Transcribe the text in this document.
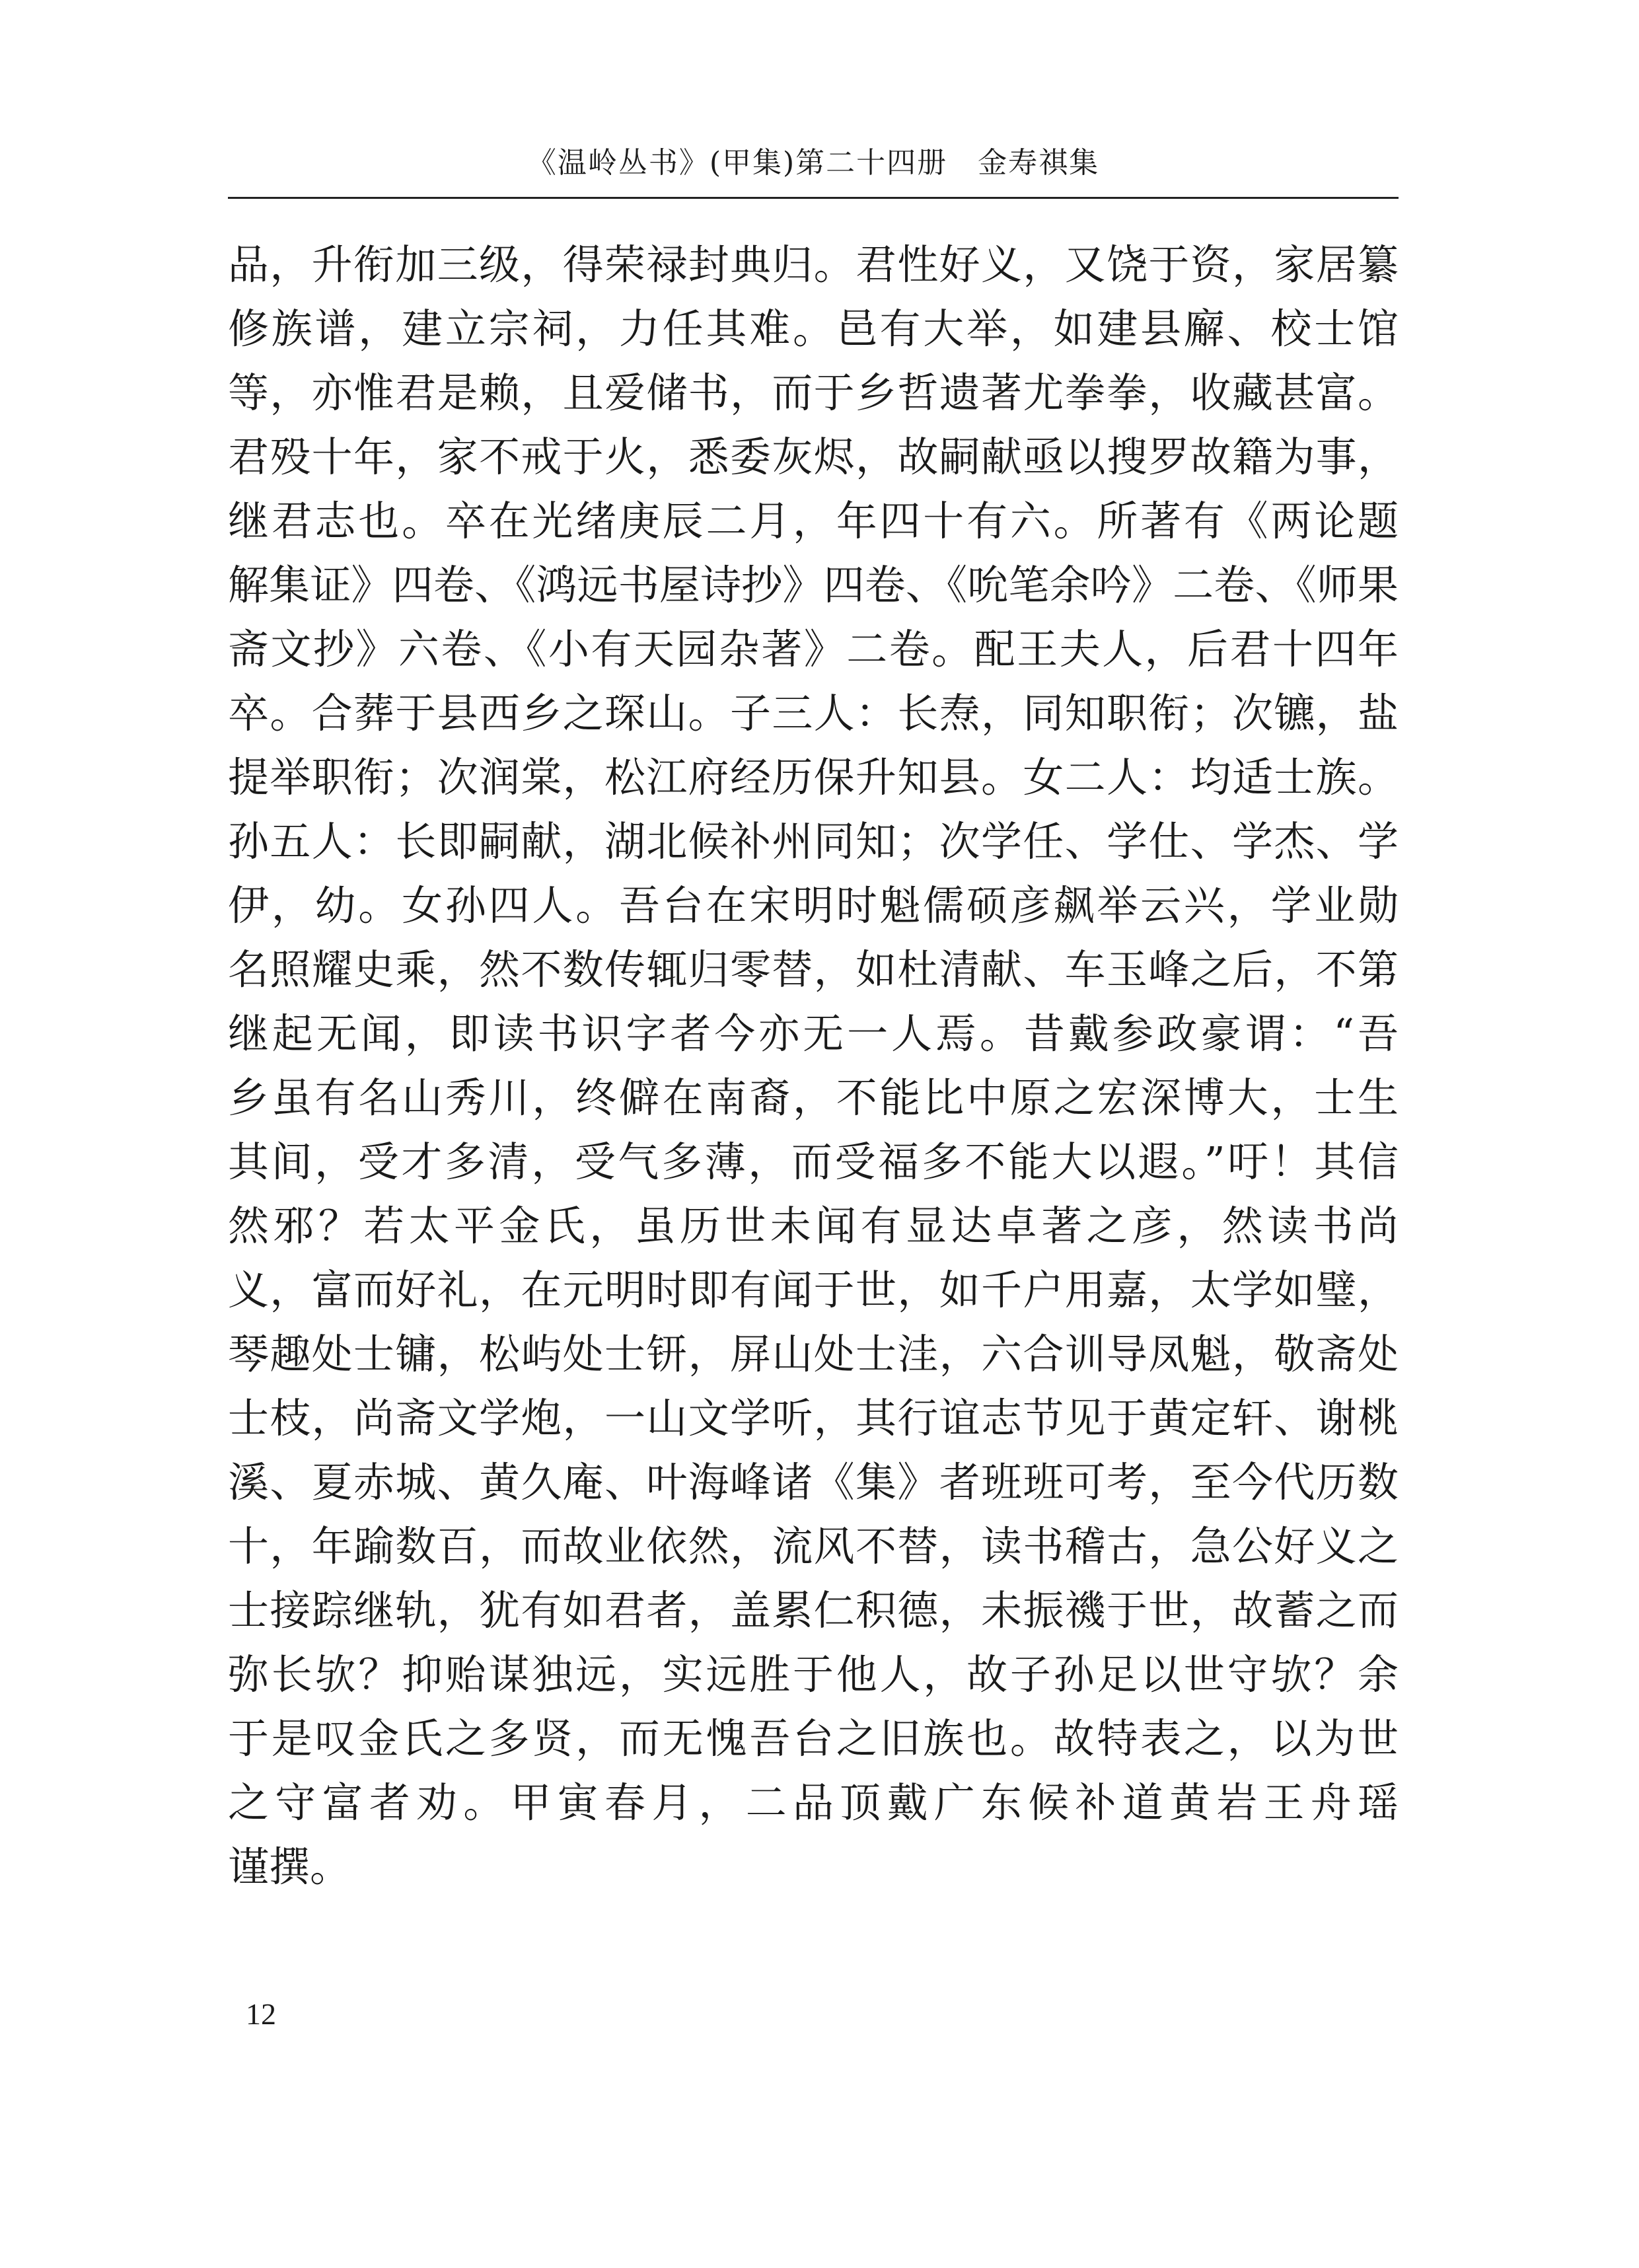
《温岭丛书》(甲集)第二十四册　金寿祺集
品，升衔加三级，得荣禄封典归。君性好义，又饶于资，家居纂
修族谱，建立宗祠，力任其难。邑有大举，如建县廨、校士馆
等，亦惟君是赖，且爱储书，而于乡哲遗著尤拳拳，收藏甚富。
君殁十年，家不戒于火，悉委灰烬，故嗣献亟以搜罗故籍为事，
继君志也。卒在光绪庚辰二月，年四十有六。所著有《两论题
解集证》四卷、《鸿远书屋诗抄》四卷、《吮笔余吟》二卷、《师果
斋文抄》六卷、《小有天园杂著》二卷。配王夫人，后君十四年
卒。合葬于县西乡之琛山。子三人：长焘，同知职衔；次镳，盐
提举职衔；次润棠，松江府经历保升知县。女二人：均适士族。
孙五人：长即嗣献，湖北候补州同知；次学任、学仕、学杰、学
伊，幼。女孙四人。吾台在宋明时魁儒硕彦飙举云兴，学业勋
名照耀史乘，然不数传辄归零替，如杜清献、车玉峰之后，不第
继起无闻，即读书识字者今亦无一人焉。昔戴参政豪谓：“吾
乡虽有名山秀川，终僻在南裔，不能比中原之宏深博大，士生
其间，受才多清，受气多薄，而受福多不能大以遐。”吁！其信
然邪？若太平金氏，虽历世未闻有显达卓著之彦，然读书尚
义，富而好礼，在元明时即有闻于世，如千户用嘉，太学如璧，
琴趣处士镛，松屿处士钘，屏山处士洼，六合训导凤魁，敬斋处
士枝，尚斋文学炮，一山文学听，其行谊志节见于黄定轩、谢桃
溪、夏赤城、黄久庵、叶海峰诸《集》者班班可考，至今代历数
十，年踰数百，而故业依然，流风不替，读书稽古，急公好义之
士接踪继轨，犹有如君者，盖累仁积德，未振禨于世，故蓄之而
弥长欤？抑贻谋独远，实远胜于他人，故子孙足以世守欤？余
于是叹金氏之多贤，而无愧吾台之旧族也。故特表之，以为世
之守富者劝。甲寅春月，二品顶戴广东候补道黄岩王舟瑶
谨撰。
12
